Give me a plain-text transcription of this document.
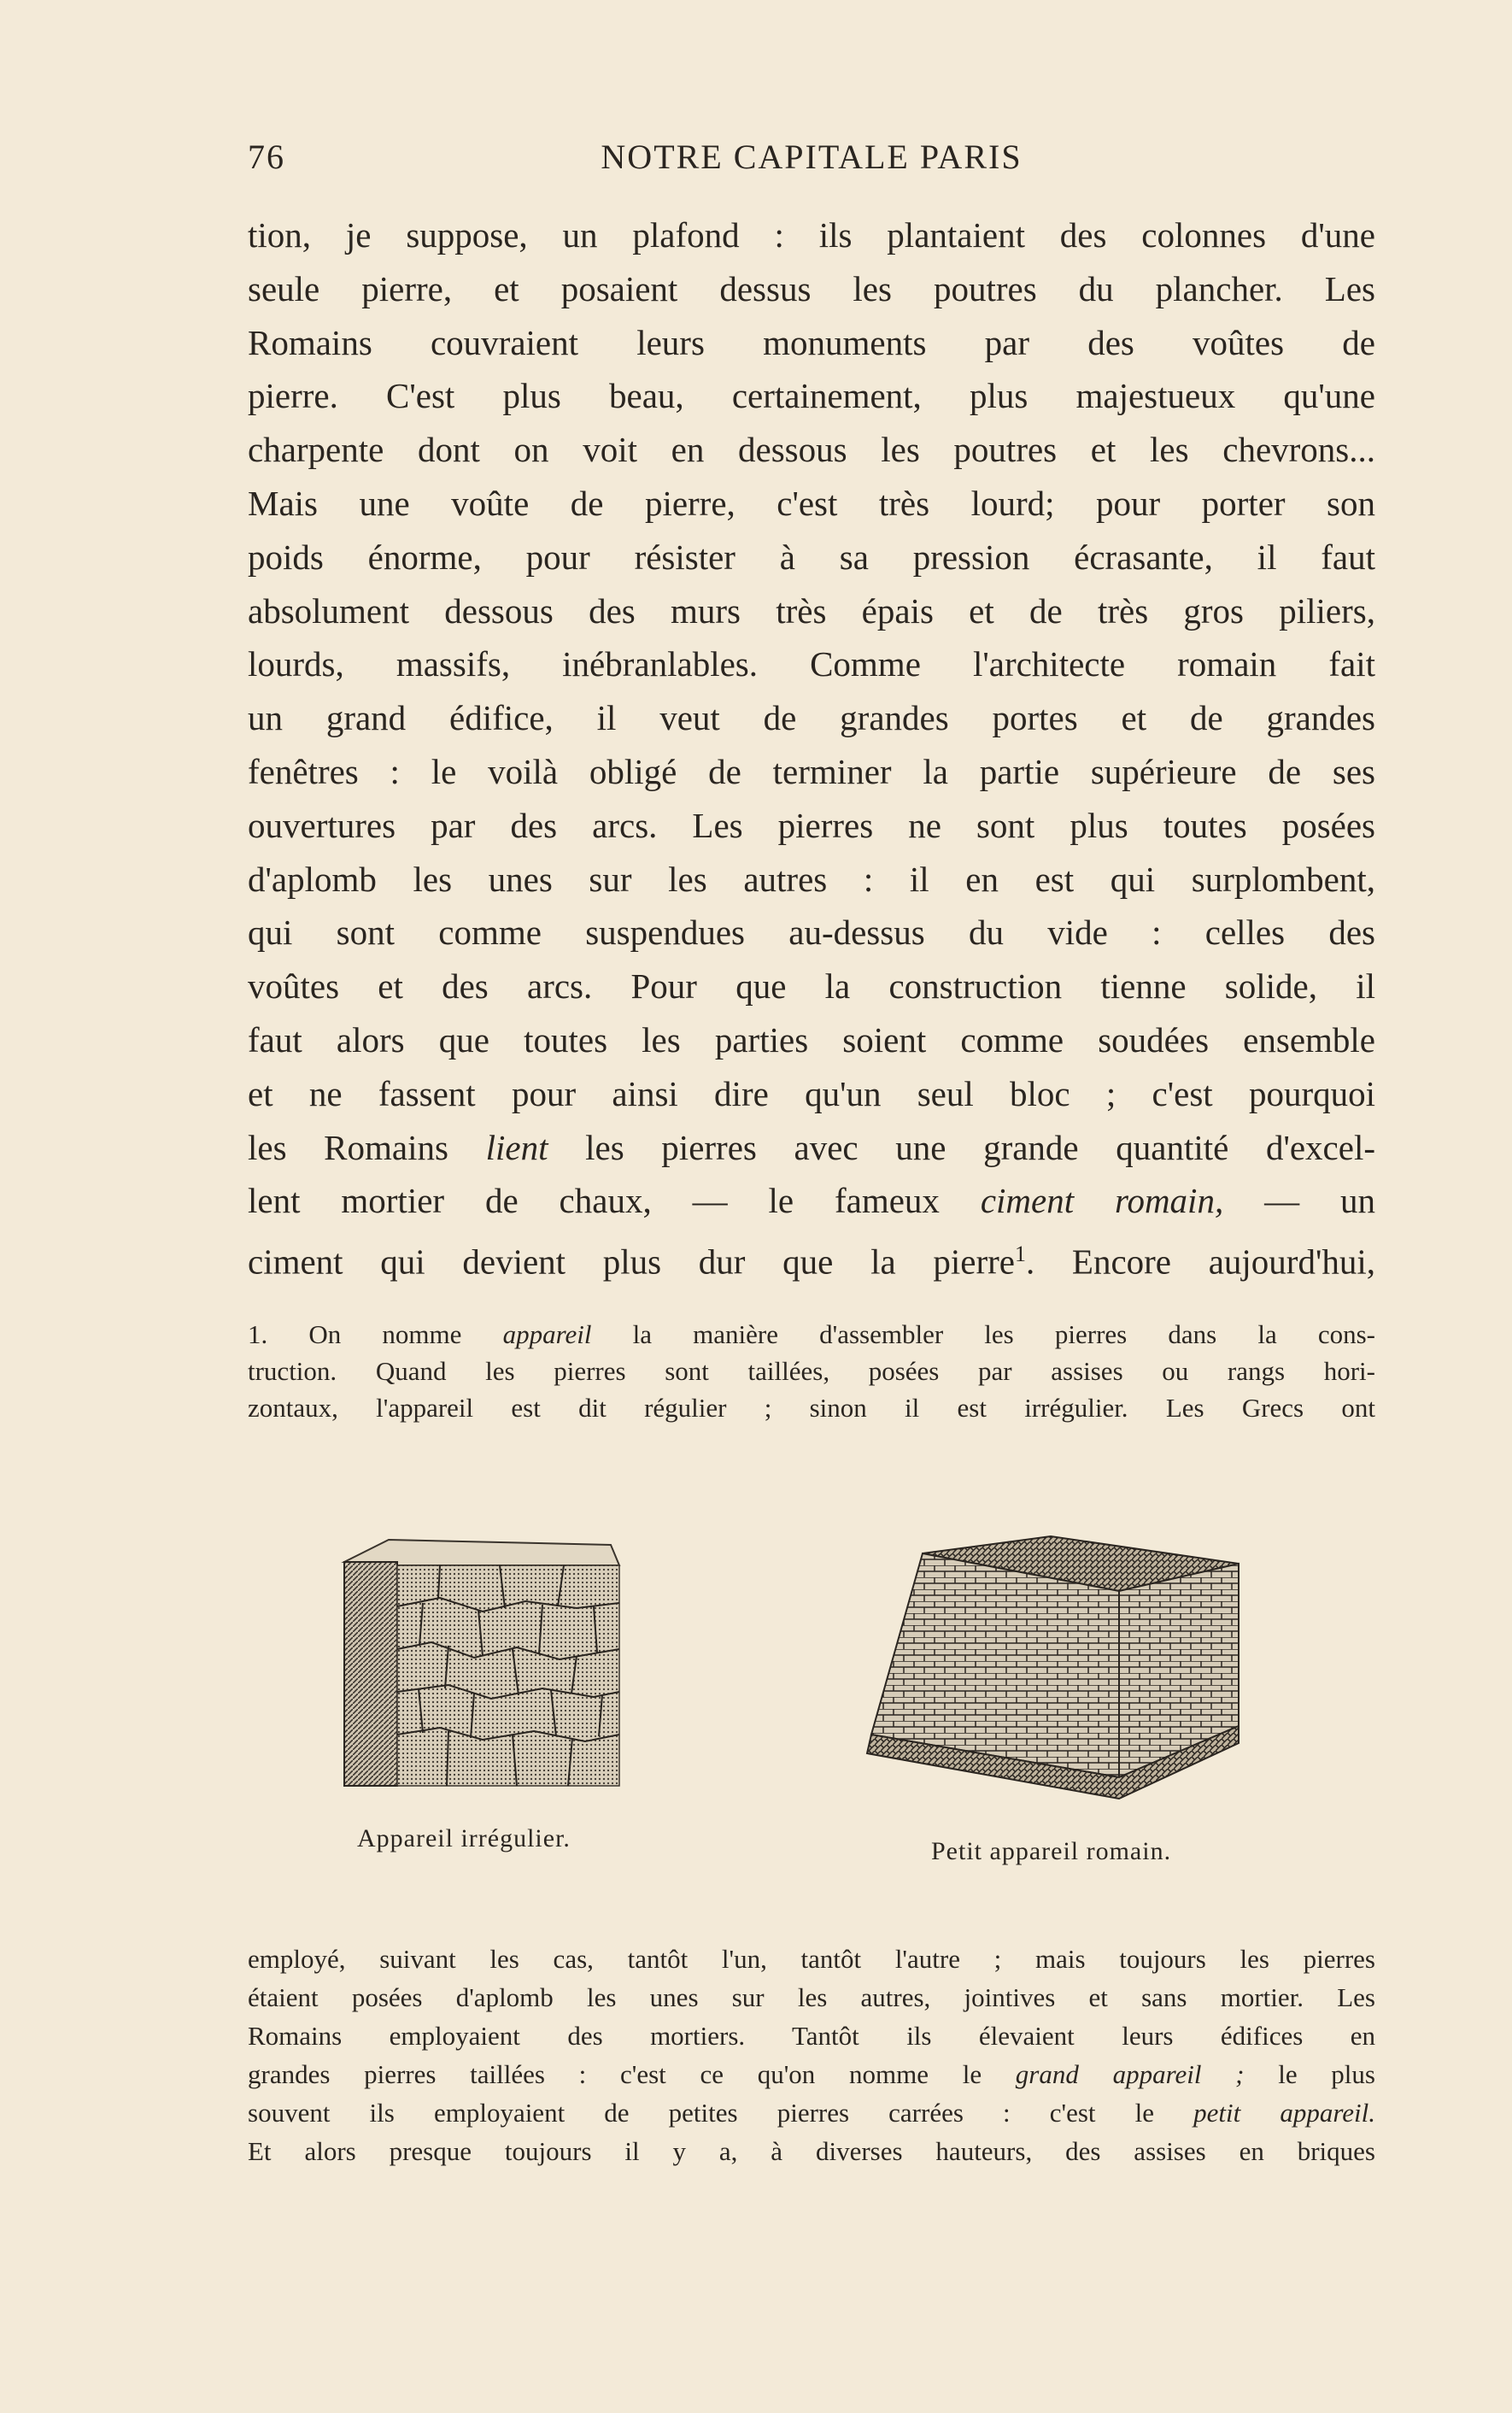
76	NOTRE CAPITALE PARIS
tion, je suppose, un plafond : ils plantaient des colonnes d'une
seule pierre, et posaient dessus les poutres du plancher. Les
Romains couvraient leurs monuments par des voûtes de
pierre. C'est plus beau, certainement, plus majestueux qu'une
charpente dont on voit en dessous les poutres et les chevrons...
Mais une voûte de pierre, c'est très lourd; pour porter son
poids énorme, pour résister à sa pression écrasante, il faut
absolument dessous des murs très épais et de très gros piliers,
lourds, massifs, inébranlables. Comme l'architecte romain fait
un grand édifice, il veut de grandes portes et de grandes
fenêtres : le voilà obligé de terminer la partie supérieure de ses
ouvertures par des arcs. Les pierres ne sont plus toutes posées
d'aplomb les unes sur les autres : il en est qui surplombent,
qui sont comme suspendues au-dessus du vide : celles des
voûtes et des arcs. Pour que la construction tienne solide, il
faut alors que toutes les parties soient comme soudées ensemble
et ne fassent pour ainsi dire qu'un seul bloc ; c'est pourquoi
les Romains lient les pierres avec une grande quantité d'excel-
lent mortier de chaux, — le fameux ciment romain, — un
ciment qui devient plus dur que la pierre$^1$. Encore aujourd'hui,
1. On nomme appareil la manière d'assembler les pierres dans la cons-
truction. Quand les pierres sont taillées, posées par assises ou rangs hori-
zontaux, l'appareil est dit régulier ; sinon il est irrégulier. Les Grecs ont
Appareil irrégulier.	Petit appareil romain.
employé, suivant les cas, tantôt l'un, tantôt l'autre ; mais toujours les pierres
étaient posées d'aplomb les unes sur les autres, jointives et sans mortier. Les
Romains employaient des mortiers. Tantôt ils élevaient leurs édifices en
grandes pierres taillées : c'est ce qu'on nomme le grand appareil ; le plus
souvent ils employaient de petites pierres carrées : c'est le petit appareil.
Et alors presque toujours il y a, à diverses hauteurs, des assises en briques
